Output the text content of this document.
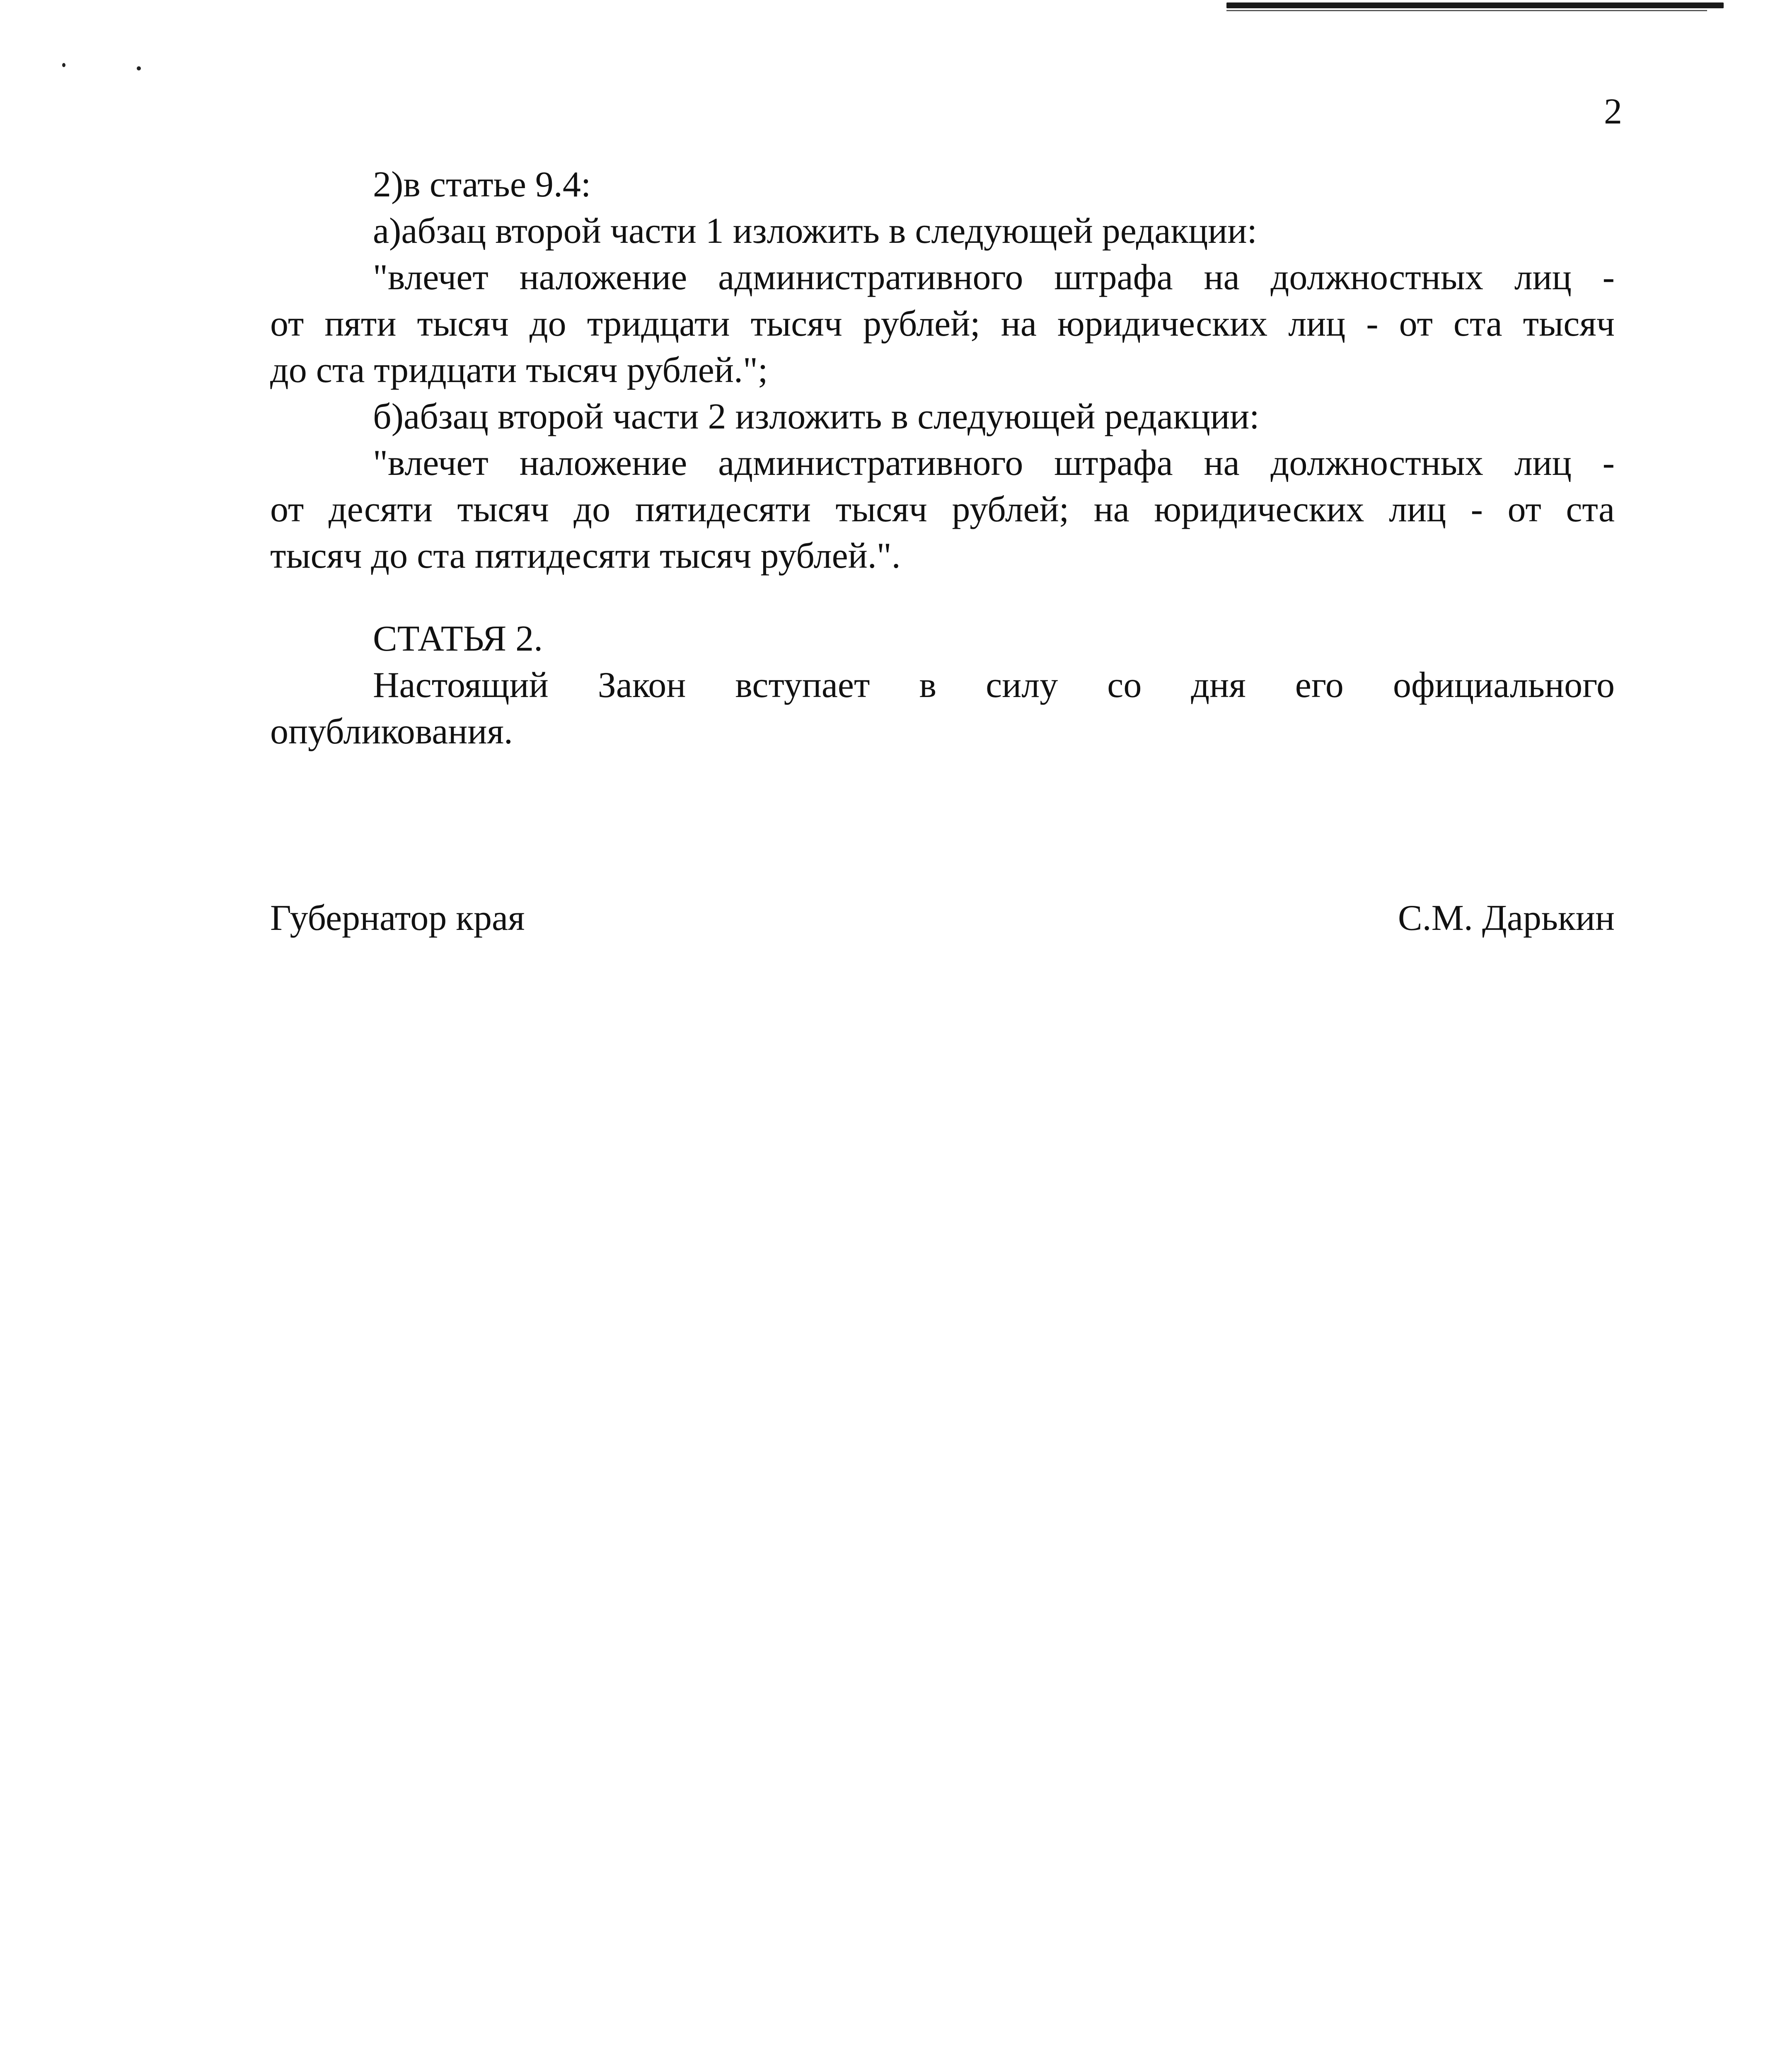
2
2)в статье 9.4:
а)абзац второй части 1 изложить в следующей редакции:
"влечет наложение административного штрафа на должностных лиц -
от пяти тысяч до тридцати тысяч рублей; на юридических лиц - от ста тысяч
до ста тридцати тысяч рублей.";
б)абзац второй части 2 изложить в следующей редакции:
"влечет наложение административного штрафа на должностных лиц -
от десяти тысяч до пятидесяти тысяч рублей; на юридических лиц - от ста
тысяч до ста пятидесяти тысяч рублей.".
СТАТЬЯ 2.
Настоящий Закон вступает в силу со дня его официального
опубликования.
Губернатор края	С.М. Дарькин
